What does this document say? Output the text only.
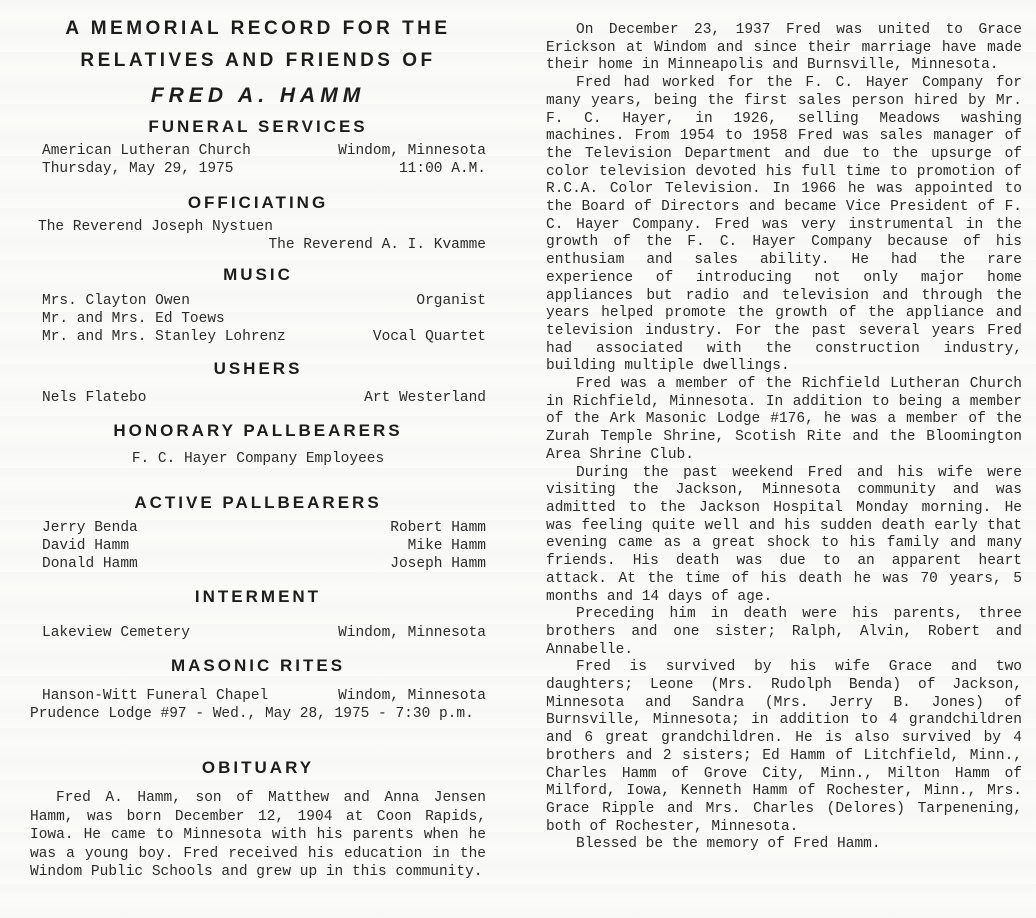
A MEMORIAL RECORD FOR THE
RELATIVES AND FRIENDS OF
FRED A. HAMM
FUNERAL SERVICES
American Lutheran Church	Windom, Minnesota
Thursday, May 29, 1975	11:00 A.M.
OFFICIATING
The Reverend Joseph Nystuen
The Reverend A. I. Kvamme
MUSIC
Mrs. Clayton Owen	Organist
Mr. and Mrs. Ed Toews
Mr. and Mrs. Stanley Lohrenz	Vocal Quartet
USHERS
Nels Flatebo	Art Westerland
HONORARY PALLBEARERS
F. C. Hayer Company Employees
ACTIVE PALLBEARERS
Jerry Benda	Robert Hamm
David Hamm	Mike Hamm
Donald Hamm	Joseph Hamm
INTERMENT
Lakeview Cemetery	Windom, Minnesota
MASONIC RITES
Hanson-Witt Funeral Chapel	Windom, Minnesota
Prudence Lodge #97 - Wed., May 28, 1975 - 7:30 p.m.
OBITUARY

Fred A. Hamm, son of Matthew and Anna Jensen Hamm, was born December 12, 1904 at Coon Rapids, Iowa. He came to Minnesota with his parents when he was a young boy. Fred received his education in the Windom Public Schools and grew up in this community.

On December 23, 1937 Fred was united to Grace Erickson at Windom and since their marriage have made their home in Minneapolis and Burnsville, Minnesota.

Fred had worked for the F. C. Hayer Company for many years, being the first sales person hired by Mr. F. C. Hayer, in 1926, selling Meadows washing machines. From 1954 to 1958 Fred was sales manager of the Television Department and due to the upsurge of color television devoted his full time to promotion of R.C.A. Color Television. In 1966 he was appointed to the Board of Directors and became Vice President of F. C. Hayer Company. Fred was very instrumental in the growth of the F. C. Hayer Company because of his enthusiam and sales ability. He had the rare experience of introducing not only major home appliances but radio and television and through the years helped promote the growth of the appliance and television industry. For the past several years Fred had associated with the construction industry, building multiple dwellings.

Fred was a member of the Richfield Lutheran Church in Richfield, Minnesota. In addition to being a member of the Ark Masonic Lodge #176, he was a member of the Zurah Temple Shrine, Scotish Rite and the Bloomington Area Shrine Club.

During the past weekend Fred and his wife were visiting the Jackson, Minnesota community and was admitted to the Jackson Hospital Monday morning. He was feeling quite well and his sudden death early that evening came as a great shock to his family and many friends. His death was due to an apparent heart attack. At the time of his death he was 70 years, 5 months and 14 days of age.

Preceding him in death were his parents, three brothers and one sister; Ralph, Alvin, Robert and Annabelle.

Fred is survived by his wife Grace and two daughters; Leone (Mrs. Rudolph Benda) of Jackson, Minnesota and Sandra (Mrs. Jerry B. Jones) of Burnsville, Minnesota; in addition to 4 grandchildren and 6 great grandchildren. He is also survived by 4 brothers and 2 sisters; Ed Hamm of Litchfield, Minn., Charles Hamm of Grove City, Minn., Milton Hamm of Milford, Iowa, Kenneth Hamm of Rochester, Minn., Mrs. Grace Ripple and Mrs. Charles (Delores) Tarpenening, both of Rochester, Minnesota.

Blessed be the memory of Fred Hamm.
